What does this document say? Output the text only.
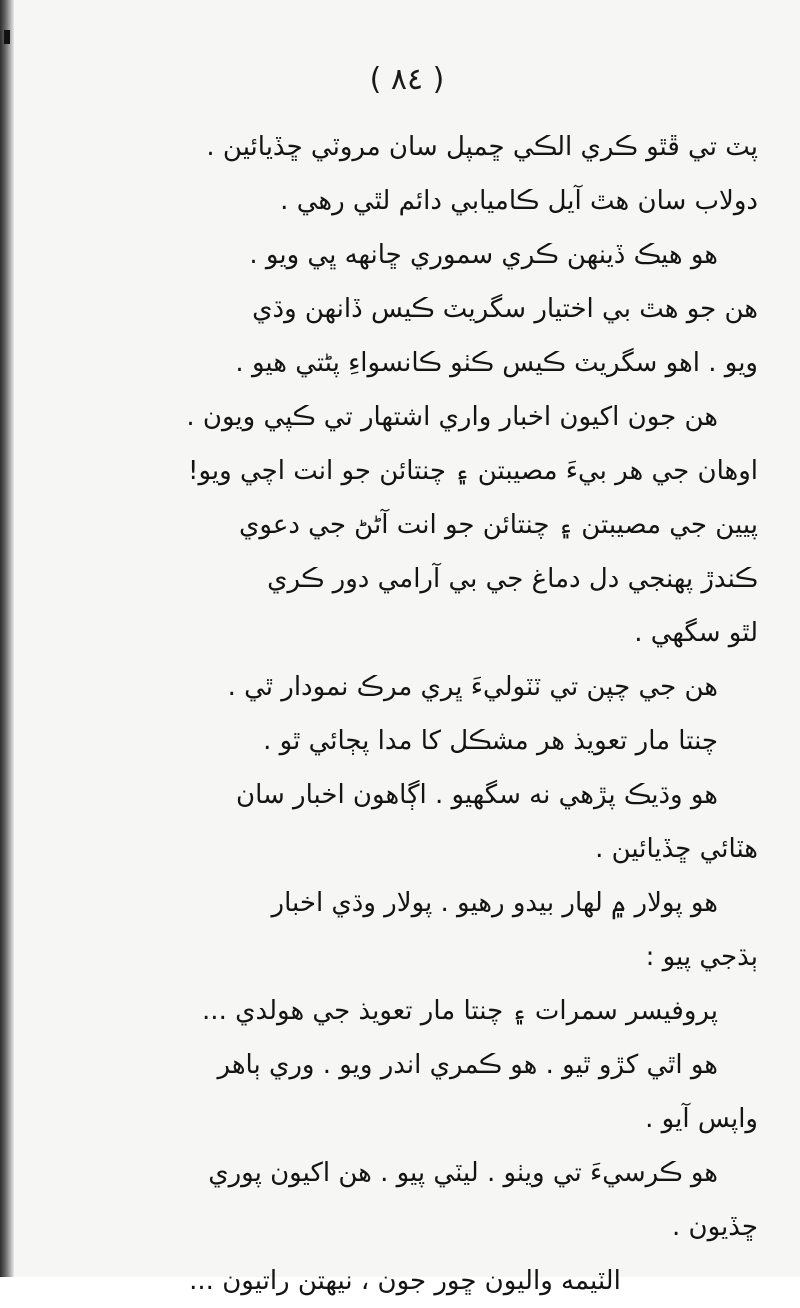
( ٨٤ )
پٽ تي ڦٿو ڪري الڪي ڇمپل سان مروٽي ڇڏيائين .
دولاب سان هٿ آيل ڪاميابي دائم لٿي رهي .
هو هيڪ ڏينهن ڪري سموري ڇانهه ڀي ويو .
هن جو هٿ بي اختيار سگريٽ ڪيس ڏانهن وڌي
ويو . اهو سگريٽ ڪيس ڪٺو ڪانسواءِ پڻتي هيو .
هن جون اکيون اخبار واري اشتهار تي ڪپي ويون .
اوهان جي هر بيءَ مصيبتن ۽ چنتائن جو انت اچي ويو!
پيين جي مصيبتن ۽ چنتائن جو انت آڻڻ جي دعوي
ڪندڙ پهنجي دل دماغ جي بي آرامي دور ڪري
لٿو سگهي .
هن جي چپن تي ٽٽوليءَ ڀري مرڪ نمودار ٿي .
چنتا مار تعويذ هر مشڪل کا مدا پڄائي ٿو .
هو وڌيڪ پڙهي نه سگهيو . اڳاهون اخبار سان
هٽائي ڇڏيائين .
هو پولار ۾ لهار بيدو رهيو . پولار وڌي اخبار
ٻڌجي پيو :
پروفيسر سمرات ۽ چنتا مار تعويذ جي هولدي ...
هو اٿي کڙو ٿيو . هو ڪمري اندر ويو . وري ٻاهر
واپس آيو .
هو ڪرسيءَ تي ويٺو . ليٽي پيو . هن اکيون پوري
ڇڏيون .
الٽيمه واليون ڇور جون ، نيهتن راتيون ...
